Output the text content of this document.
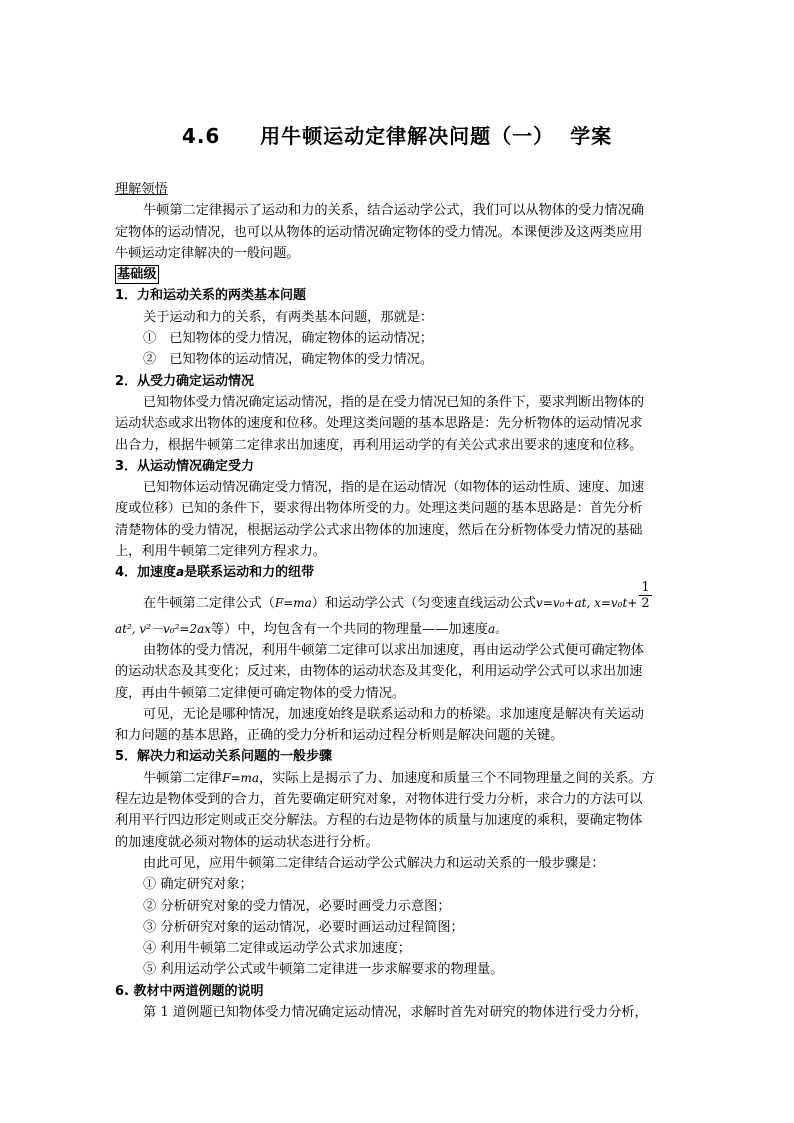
4.6     用牛顿运动定律解决问题（一）  学案
理解领悟
牛顿第二定律揭示了运动和力的关系，结合运动学公式，我们可以从物体的受力情况确
定物体的运动情况，也可以从物体的运动情况确定物体的受力情况。本课便涉及这两类应用
牛顿运动定律解决的一般问题。
基础级
1．力和运动关系的两类基本问题
关于运动和力的关系，有两类基本问题，那就是：
①　已知物体的受力情况，确定物体的运动情况；
②　已知物体的运动情况，确定物体的受力情况。
2．从受力确定运动情况
已知物体受力情况确定运动情况，指的是在受力情况已知的条件下，要求判断出物体的
运动状态或求出物体的速度和位移。处理这类问题的基本思路是：先分析物体的运动情况求
出合力，根据牛顿第二定律求出加速度，再利用运动学的有关公式求出要求的速度和位移。
3．从运动情况确定受力
已知物体运动情况确定受力情况，指的是在运动情况（如物体的运动性质、速度、加速
度或位移）已知的条件下，要求得出物体所受的力。处理这类问题的基本思路是：首先分析
清楚物体的受力情况，根据运动学公式求出物体的加速度，然后在分析物体受力情况的基础
上，利用牛顿第二定律列方程求力。
4．加速度a是联系运动和力的纽带
在牛顿第二定律公式（F=ma）和运动学公式（匀变速直线运动公式v=v₀+at, $x=v_0t+ \frac{1}{2}$
at², v²－v₀²=2ax等）中，均包含有一个共同的物理量——加速度a。
由物体的受力情况，利用牛顿第二定律可以求出加速度，再由运动学公式便可确定物体
的运动状态及其变化；反过来，由物体的运动状态及其变化，利用运动学公式可以求出加速
度，再由牛顿第二定律便可确定物体的受力情况。
可见，无论是哪种情况，加速度始终是联系运动和力的桥梁。求加速度是解决有关运动
和力问题的基本思路，正确的受力分析和运动过程分析则是解决问题的关键。
5．解决力和运动关系问题的一般步骤
牛顿第二定律F=ma，实际上是揭示了力、加速度和质量三个不同物理量之间的关系。方
程左边是物体受到的合力，首先要确定研究对象，对物体进行受力分析，求合力的方法可以
利用平行四边形定则或正交分解法。方程的右边是物体的质量与加速度的乘积，要确定物体
的加速度就必须对物体的运动状态进行分析。
由此可见，应用牛顿第二定律结合运动学公式解决力和运动关系的一般步骤是：
① 确定研究对象；
② 分析研究对象的受力情况，必要时画受力示意图；
③ 分析研究对象的运动情况，必要时画运动过程简图；
④ 利用牛顿第二定律或运动学公式求加速度；
⑤ 利用运动学公式或牛顿第二定律进一步求解要求的物理量。
6. 教材中两道例题的说明
第 1 道例题已知物体受力情况确定运动情况，求解时首先对研究的物体进行受力分析，
